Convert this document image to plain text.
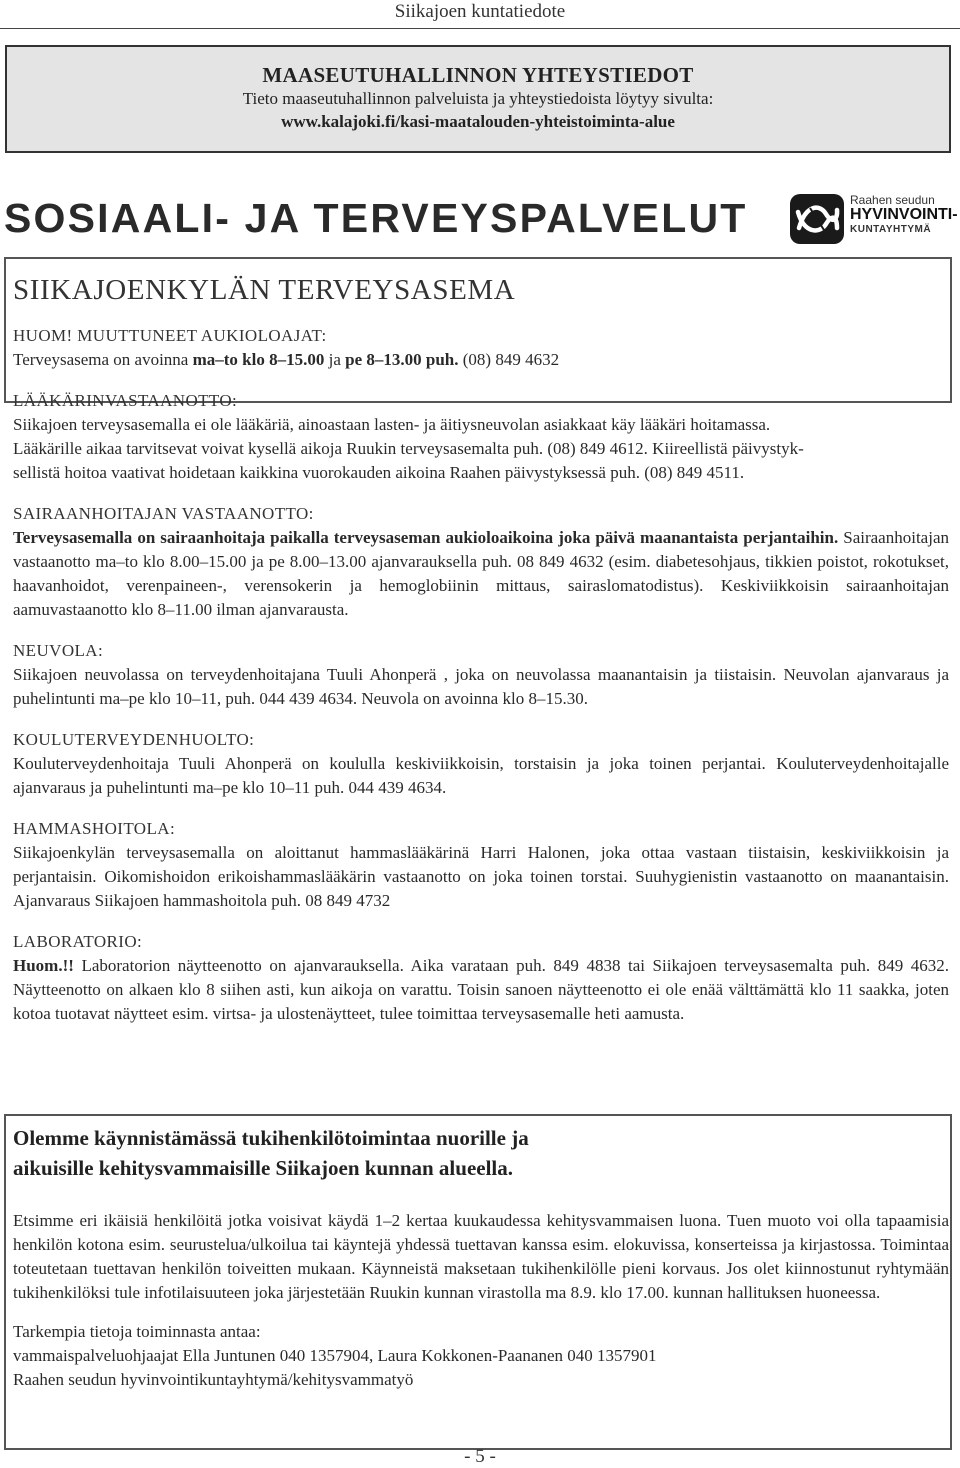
Siikajoen kuntatiedote
MAASEUTUHALLINNON YHTEYSTIEDOT
Tieto maaseutuhallinnon palveluista ja yhteystiedoista löytyy sivulta:
www.kalajoki.fi/kasi-maatalouden-yhteistoiminta-alue
SOSIAALI- JA TERVEYSPALVELUT	Raahen seudun
HYVINVOINTI-
KUNTAYHTYMÄ
SIIKAJOENKYLÄN TERVEYSASEMA

HUOM! MUUTTUNEET AUKIOLOAJAT:

Terveysasema on avoinna ma–to klo 8–15.00 ja pe 8–13.00 puh. (08) 849 4632

LÄÄKÄRINVASTAANOTTO:

Siikajoen terveysasemalla ei ole lääkäriä, ainoastaan lasten- ja äitiysneuvolan asiakkaat käy lääkäri hoitamassa.

Lääkärille aikaa tarvitsevat voivat kysellä aikoja Ruukin terveysasemalta puh. (08) 849 4612. Kiireellistä päivystyk-

sellistä hoitoa vaativat hoidetaan kaikkina vuorokauden aikoina Raahen päivystyksessä puh. (08) 849 4511.

SAIRAANHOITAJAN VASTAANOTTO:

Terveysasemalla on sairaanhoitaja paikalla terveysaseman aukioloaikoina joka päivä maanantaista perjantaihin. Sairaanhoitajan vastaanotto ma–to klo 8.00–15.00 ja pe 8.00–13.00 ajanvarauksella puh. 08 849 4632 (esim. diabetesohjaus, tikkien poistot, rokotukset, haavanhoidot, verenpaineen-, verensokerin ja hemoglobiinin mittaus, sairaslomatodistus). Keskiviikkoisin sairaanhoitajan aamuvastaanotto klo 8–11.00 ilman ajanvarausta.

NEUVOLA:

Siikajoen neuvolassa on terveydenhoitajana Tuuli Ahonperä , joka on neuvolassa maanantaisin ja tiistaisin. Neuvolan ajanvaraus ja puhelintunti ma–pe klo 10–11, puh. 044 439 4634. Neuvola on avoinna klo 8–15.30.

KOULUTERVEYDENHUOLTO:

Kouluterveydenhoitaja Tuuli Ahonperä on koululla keskiviikkoisin, torstaisin ja joka toinen perjantai. Kouluterveydenhoitajalle ajanvaraus ja puhelintunti ma–pe klo 10–11 puh. 044 439 4634.

HAMMASHOITOLA:

Siikajoenkylän terveysasemalla on aloittanut hammaslääkärinä Harri Halonen, joka ottaa vastaan tiistaisin, keskiviikkoisin ja perjantaisin. Oikomishoidon erikoishammaslääkärin vastaanotto on joka toinen torstai. Suuhygienistin vastaanotto on maanantaisin. Ajanvaraus Siikajoen hammashoitola puh. 08 849 4732

LABORATORIO:

Huom.!! Laboratorion näytteenotto on ajanvarauksella. Aika varataan puh. 849 4838 tai Siikajoen terveysasemalta puh. 849 4632. Näytteenotto on alkaen klo 8 siihen asti, kun aikoja on varattu. Toisin sanoen näytteenotto ei ole enää välttämättä klo 11 saakka, joten kotoa tuotavat näytteet esim. virtsa- ja ulostenäytteet, tulee toimittaa terveysasemalle heti aamusta.

Olemme käynnistämässä tukihenkilötoimintaa nuorille ja
aikuisille kehitysvammaisille Siikajoen kunnan alueella.

Etsimme eri ikäisiä henkilöitä jotka voisivat käydä 1–2 kertaa kuukaudessa kehitysvammaisen luona. Tuen muoto voi olla tapaamisia henkilön kotona esim. seurustelua/ulkoilua tai käyntejä yhdessä tuettavan kanssa esim. elokuvissa, konserteissa ja kirjastossa. Toimintaa toteutetaan tuettavan henkilön toiveitten mukaan. Käynneistä maksetaan tukihenkilölle pieni korvaus. Jos olet kiinnostunut ryhtymään tukihenkilöksi tule infotilaisuuteen joka järjestetään Ruukin kunnan virastolla ma 8.9. klo 17.00. kunnan hallituksen huoneessa.

Tarkempia tietoja toiminnasta antaa:

vammaispalveluohjaajat Ella Juntunen 040 1357904, Laura Kokkonen-Paananen 040 1357901

Raahen seudun hyvinvointikuntayhtymä/kehitysvammatyö

- 5 -
